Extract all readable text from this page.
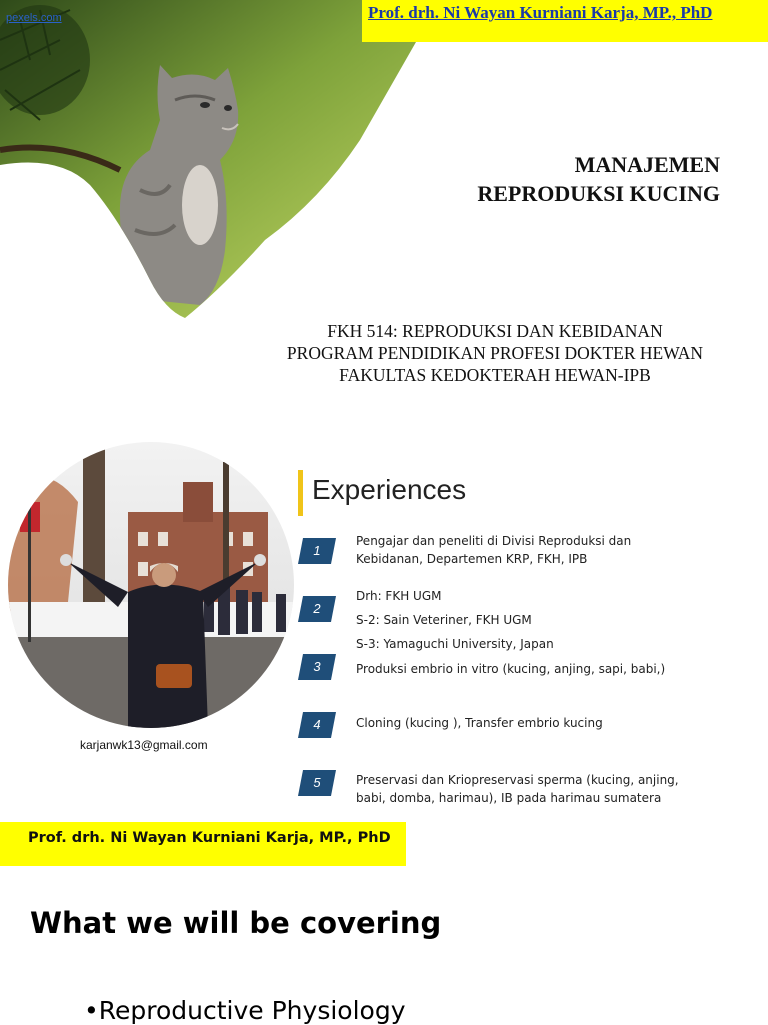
pexels.com	Prof. drh. Ni Wayan Kurniani Karja, MP., PhD
MANAJEMEN
REPRODUKSI KUCING
FKH 514: REPRODUKSI DAN KEBIDANAN
PROGRAM PENDIDIKAN PROFESI DOKTER HEWAN
FAKULTAS KEDOKTERAH HEWAN-IPB
karjanwk13@gmail.com
Experiences
1
Pengajar dan peneliti di Divisi Reproduksi dan
Kebidanan, Departemen KRP, FKH, IPB
2
Drh: FKH UGM
S-2: Sain Veteriner, FKH UGM
S-3: Yamaguchi University, Japan
3	Produksi embrio in vitro (kucing, anjing, sapi, babi,)
4	Cloning (kucing ), Transfer embrio kucing
5	Preservasi dan Kriopreservasi sperma (kucing, anjing,
babi, domba, harimau), IB pada harimau sumatera
Prof. drh. Ni Wayan Kurniani Karja, MP., PhD
What we will be covering
•Reproductive Physiology
